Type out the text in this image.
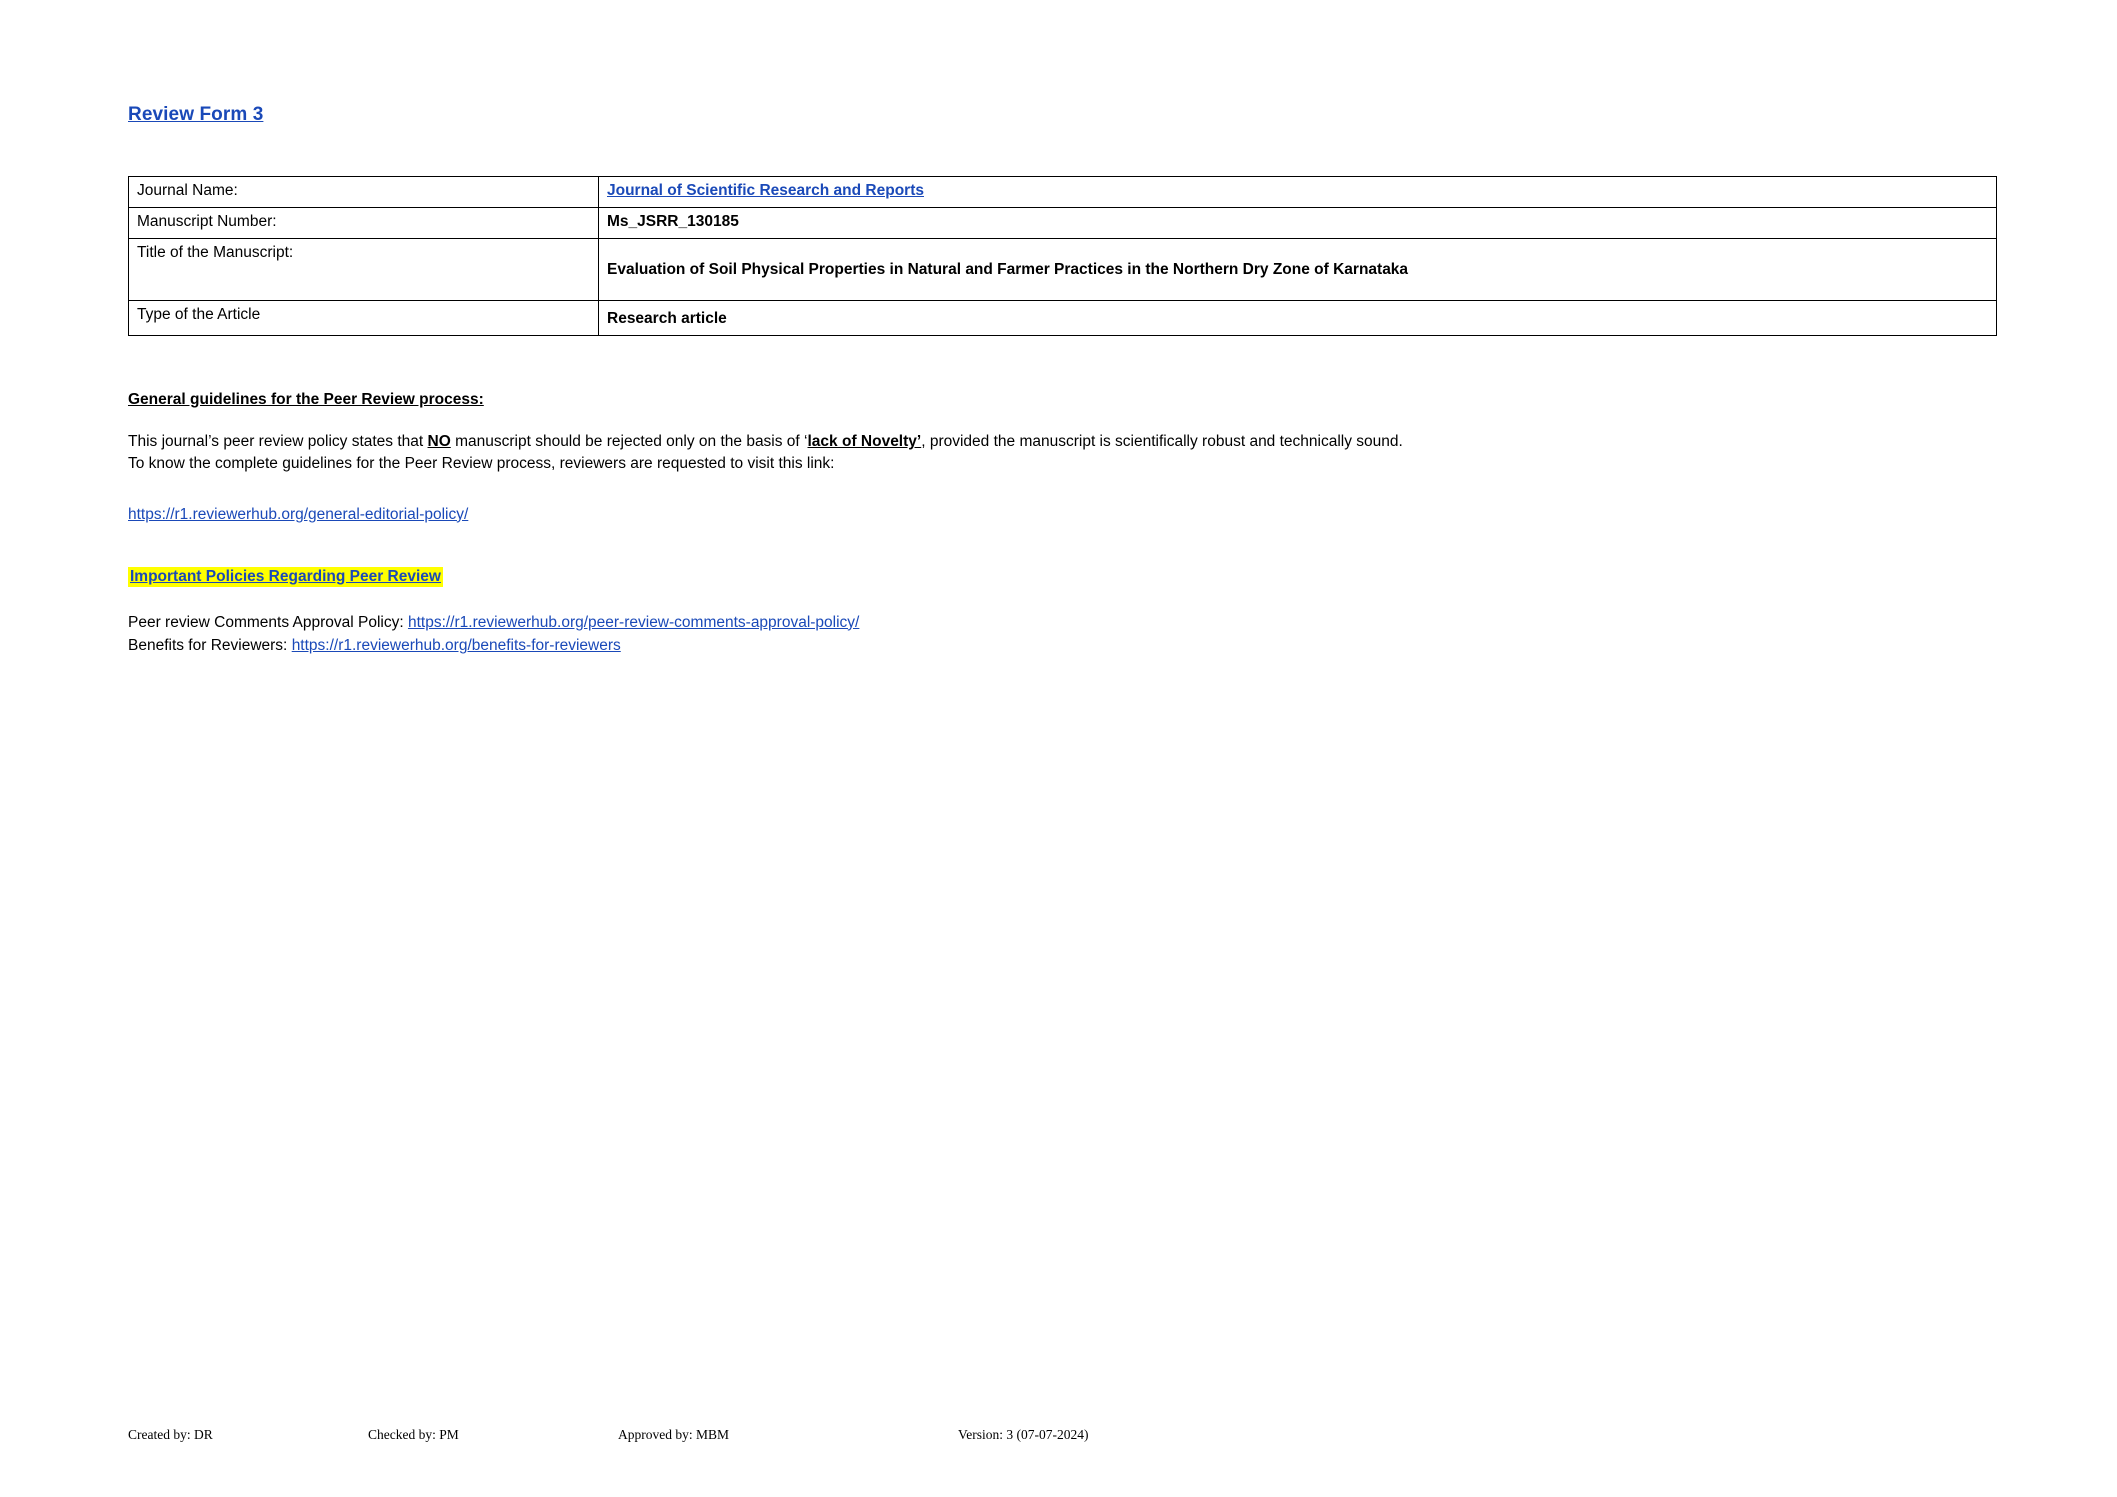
Review Form 3
Journal Name:	Journal of Scientific Research and Reports
Manuscript Number:	Ms_JSRR_130185
Title of the Manuscript:	Evaluation of Soil Physical Properties in Natural and Farmer Practices in the Northern Dry Zone of Karnataka

Type of the Article	Research article
General guidelines for the Peer Review process:
This journal’s peer review policy states that NO manuscript should be rejected only on the basis of ‘lack of Novelty’, provided the manuscript is scientifically robust and technically sound.
To know the complete guidelines for the Peer Review process, reviewers are requested to visit this link:
https://r1.reviewerhub.org/general-editorial-policy/
Important Policies Regarding Peer Review
Peer review Comments Approval Policy: https://r1.reviewerhub.org/peer-review-comments-approval-policy/
Benefits for Reviewers: https://r1.reviewerhub.org/benefits-for-reviewers
Created by: DR	Checked by: PM	Approved by: MBM	Version: 3 (07-07-2024)
